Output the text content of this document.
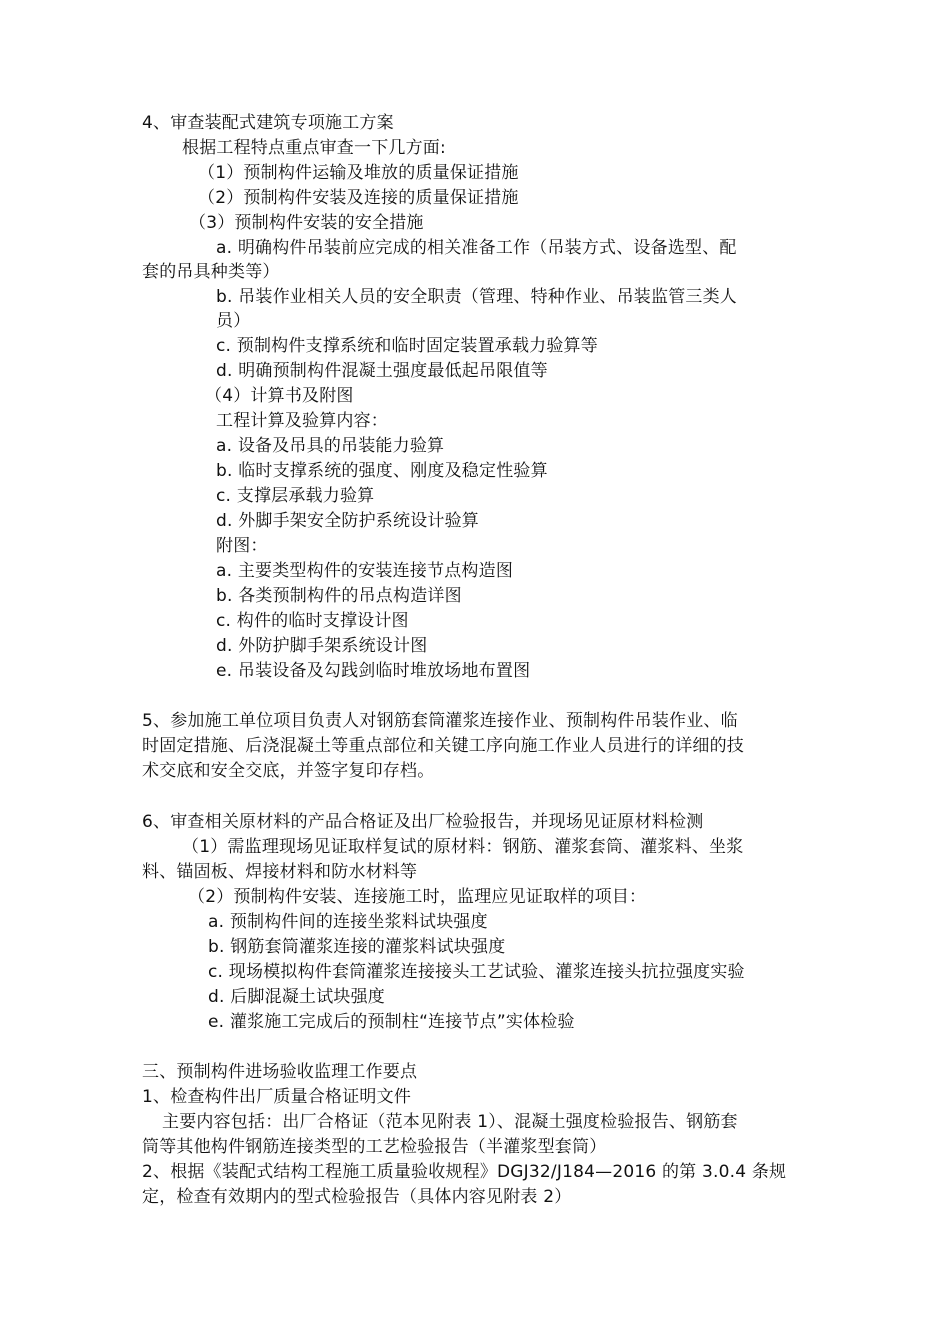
4、审查装配式建筑专项施工方案
根据工程特点重点审查一下几方面:
（1）预制构件运输及堆放的质量保证措施
（2）预制构件安装及连接的质量保证措施
（3）预制构件安装的安全措施
a. 明确构件吊装前应完成的相关准备工作（吊装方式、设备选型、配
套的吊具种类等）
b. 吊装作业相关人员的安全职责（管理、特种作业、吊装监管三类人
员）
c. 预制构件支撑系统和临时固定装置承载力验算等
d. 明确预制构件混凝土强度最低起吊限值等
（4）计算书及附图
工程计算及验算内容：
a. 设备及吊具的吊装能力验算
b. 临时支撑系统的强度、刚度及稳定性验算
c. 支撑层承载力验算
d. 外脚手架安全防护系统设计验算
附图：
a. 主要类型构件的安装连接节点构造图
b. 各类预制构件的吊点构造详图
c. 构件的临时支撑设计图
d. 外防护脚手架系统设计图
e. 吊装设备及勾践剑临时堆放场地布置图
5、参加施工单位项目负责人对钢筋套筒灌浆连接作业、预制构件吊装作业、临
时固定措施、后浇混凝土等重点部位和关键工序向施工作业人员进行的详细的技
术交底和安全交底，并签字复印存档。
6、审查相关原材料的产品合格证及出厂检验报告，并现场见证原材料检测
（1）需监理现场见证取样复试的原材料：钢筋、灌浆套筒、灌浆料、坐浆
料、锚固板、焊接材料和防水材料等
（2）预制构件安装、连接施工时，监理应见证取样的项目：
a. 预制构件间的连接坐浆料试块强度
b. 钢筋套筒灌浆连接的灌浆料试块强度
c. 现场模拟构件套筒灌浆连接接头工艺试验、灌浆连接头抗拉强度实验
d. 后脚混凝土试块强度
e. 灌浆施工完成后的预制柱“连接节点”实体检验
三、预制构件进场验收监理工作要点
1、检查构件出厂质量合格证明文件
主要内容包括：出厂合格证（范本见附表 1）、混凝土强度检验报告、钢筋套
筒等其他构件钢筋连接类型的工艺检验报告（半灌浆型套筒）
2、根据《装配式结构工程施工质量验收规程》DGJ32/J184—2016 的第 3.0.4 条规
定，检查有效期内的型式检验报告（具体内容见附表 2）
